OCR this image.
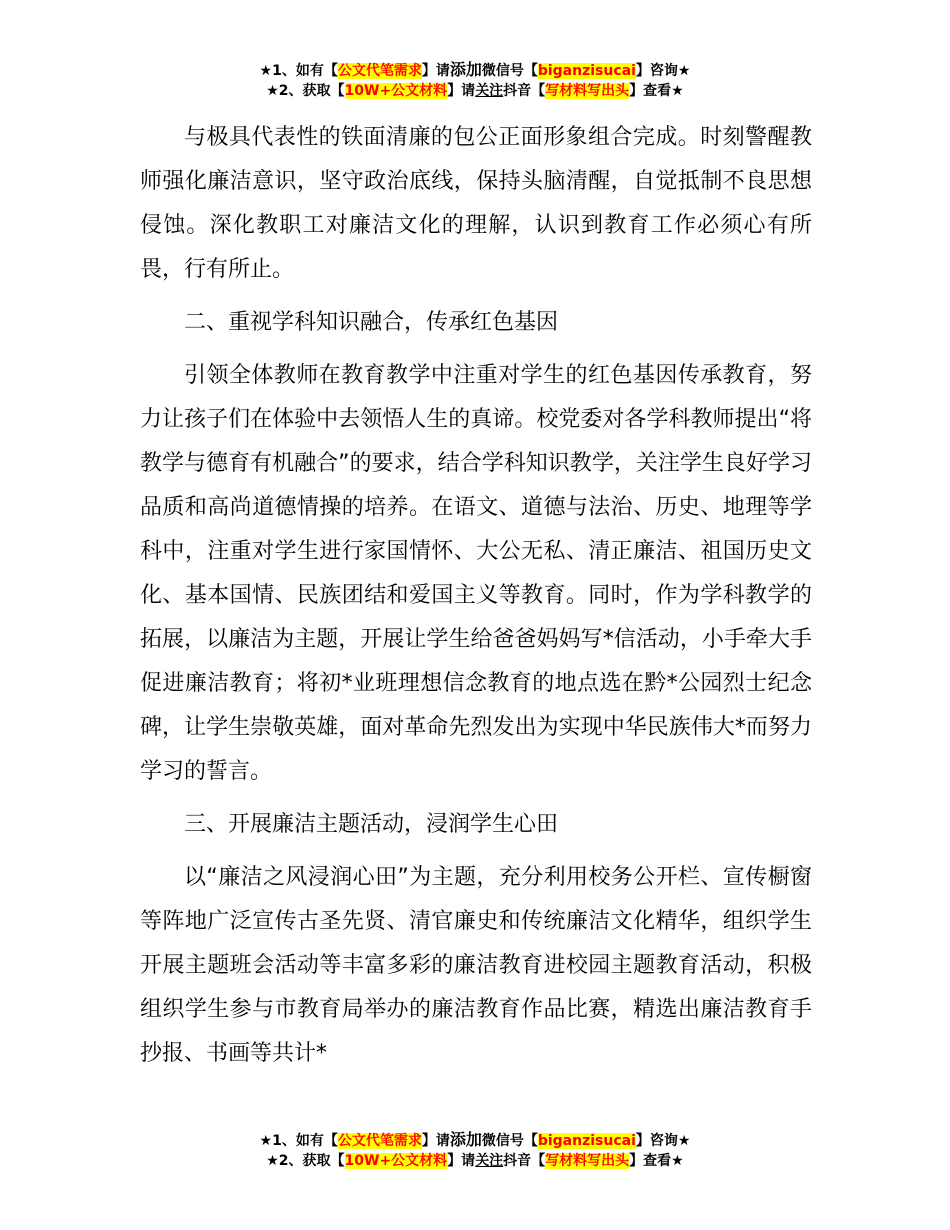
★1、如有【公文代笔需求】请添加微信号【biganzisucai】咨询★
★2、获取【10W+公文材料】请关注抖音【写材料写出头】查看★

与极具代表性的铁面清廉的包公正面形象组合完成。时刻警醒教师强化廉洁意识，坚守政治底线，保持头脑清醒，自觉抵制不良思想侵蚀。深化教职工对廉洁文化的理解，认识到教育工作必须心有所畏，行有所止。

二、重视学科知识融合，传承红色基因

引领全体教师在教育教学中注重对学生的红色基因传承教育，努力让孩子们在体验中去领悟人生的真谛。校党委对各学科教师提出“将教学与德育有机融合”的要求，结合学科知识教学，关注学生良好学习品质和高尚道德情操的培养。在语文、道德与法治、历史、地理等学科中，注重对学生进行家国情怀、大公无私、清正廉洁、祖国历史文化、基本国情、民族团结和爱国主义等教育。同时，作为学科教学的拓展，以廉洁为主题，开展让学生给爸爸妈妈写*信活动，小手牵大手促进廉洁教育；将初*业班理想信念教育的地点选在黔*公园烈士纪念碑，让学生崇敬英雄，面对革命先烈发出为实现中华民族伟大*而努力学习的誓言。

三、开展廉洁主题活动，浸润学生心田

以“廉洁之风浸润心田”为主题，充分利用校务公开栏、宣传橱窗等阵地广泛宣传古圣先贤、清官廉史和传统廉洁文化精华，组织学生开展主题班会活动等丰富多彩的廉洁教育进校园主题教育活动，积极组织学生参与市教育局举办的廉洁教育作品比赛，精选出廉洁教育手抄报、书画等共计*

★1、如有【公文代笔需求】请添加微信号【biganzisucai】咨询★
★2、获取【10W+公文材料】请关注抖音【写材料写出头】查看★
